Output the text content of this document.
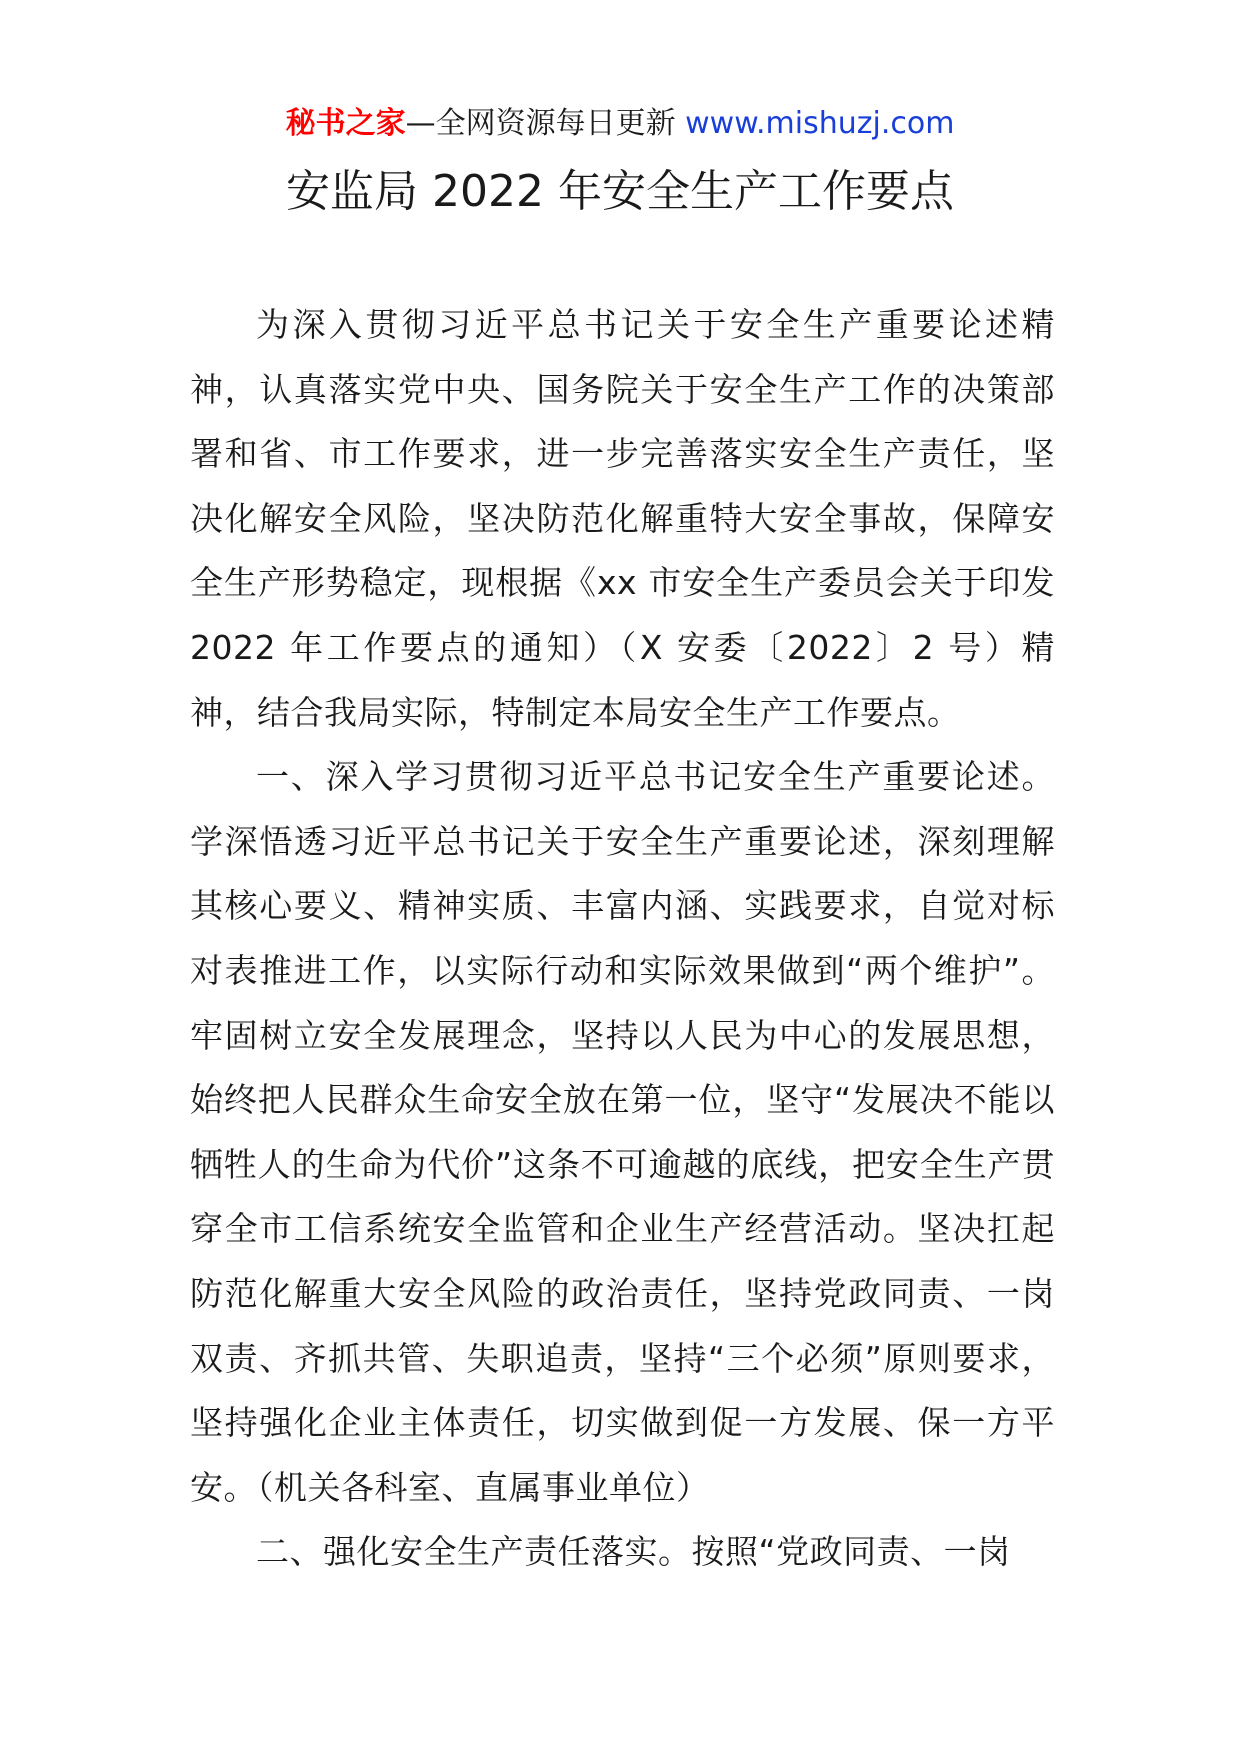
秘书之家—全网资源每日更新 www.mishuzj.com
安监局 2022 年安全生产工作要点

为深入贯彻习近平总书记关于安全生产重要论述精神，认真落实党中央、国务院关于安全生产工作的决策部署和省、市工作要求，进一步完善落实安全生产责任，坚决化解安全风险，坚决防范化解重特大安全事故，保障安全生产形势稳定，现根据《xx 市安全生产委员会关于印发 2022 年工作要点的通知）（X 安委〔2022〕2 号）精神，结合我局实际，特制定本局安全生产工作要点。

一、深入学习贯彻习近平总书记安全生产重要论述。学深悟透习近平总书记关于安全生产重要论述，深刻理解其核心要义、精神实质、丰富内涵、实践要求，自觉对标对表推进工作，以实际行动和实际效果做到“两个维护”。牢固树立安全发展理念，坚持以人民为中心的发展思想，始终把人民群众生命安全放在第一位，坚守“发展决不能以牺牲人的生命为代价”这条不可逾越的底线，把安全生产贯穿全市工信系统安全监管和企业生产经营活动。坚决扛起防范化解重大安全风险的政治责任，坚持党政同责、一岗双责、齐抓共管、失职追责，坚持“三个必须”原则要求，坚持强化企业主体责任，切实做到促一方发展、保一方平安。（机关各科室、直属事业单位）

二、强化安全生产责任落实。按照“党政同责、一岗
